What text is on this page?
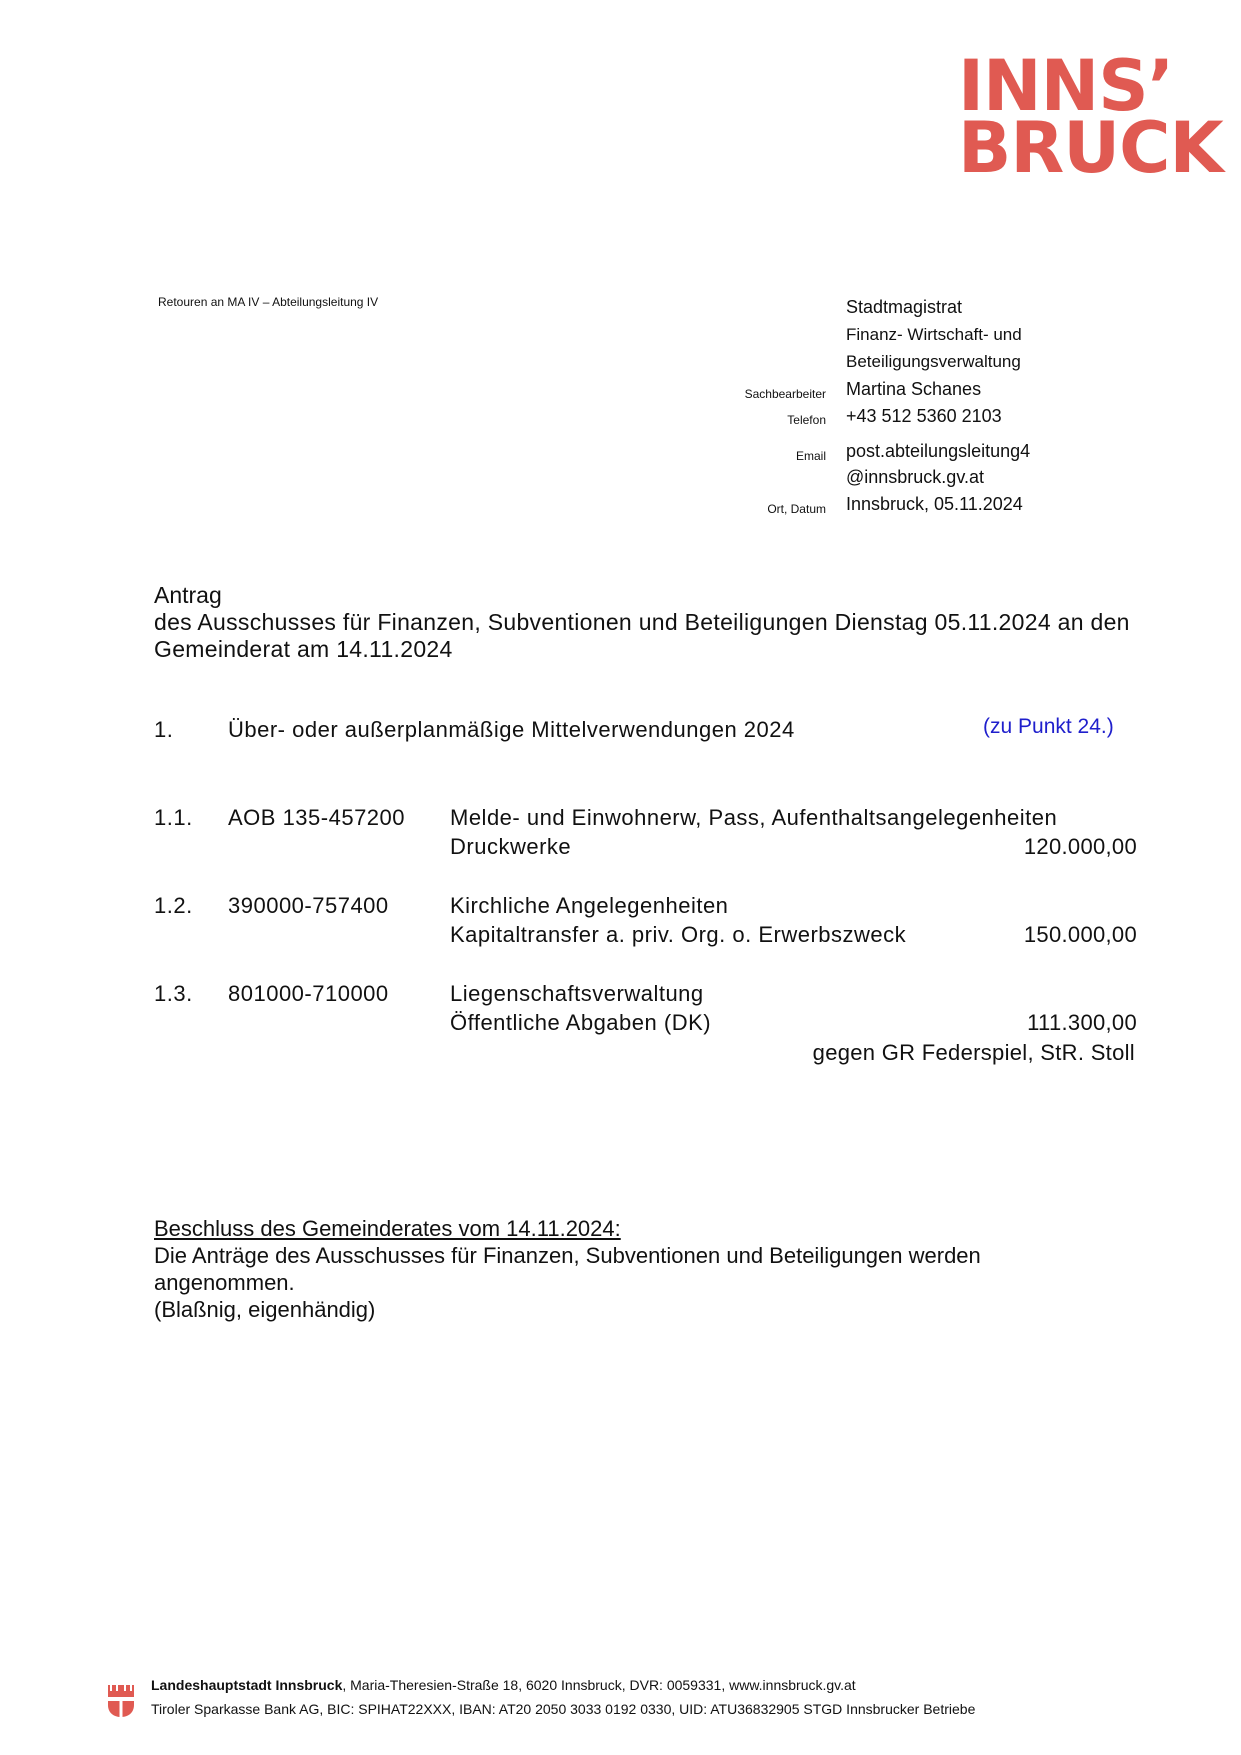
INNS’
BRUCK
Retouren an MA IV – Abteilungsleitung IV	Stadtmagistrat
Finanz- Wirtschaft- und
Beteiligungsverwaltung
Sachbearbeiter Martina Schanes
Telefon +43 512 5360 2103
Email post.abteilungsleitung4
@innsbruck.gv.at
Ort, Datum Innsbruck, 05.11.2024
Antrag
des Ausschusses für Finanzen, Subventionen und Beteiligungen Dienstag 05.11.2024 an den Gemeinderat am 14.11.2024
1. Über- oder außerplanmäßige Mittelverwendungen 2024	(zu Punkt 24.)
1.1. AOB 135-457200 Melde- und Einwohnerw, Pass, Aufenthaltsangelegenheiten
Druckwerke	120.000,00
1.2. 390000-757400	Kirchliche Angelegenheiten
Kapitaltransfer a. priv. Org. o. Erwerbszweck	150.000,00
1.3. 801000-710000	Liegenschaftsverwaltung
Öffentliche Abgaben (DK)	111.300,00
gegen GR Federspiel, StR. Stoll
Beschluss des Gemeinderates vom 14.11.2024:
Die Anträge des Ausschusses für Finanzen, Subventionen und Beteiligungen werden angenommen.
(Blaßnig, eigenhändig)
Landeshauptstadt Innsbruck, Maria-Theresien-Straße 18, 6020 Innsbruck, DVR: 0059331, www.innsbruck.gv.at
Tiroler Sparkasse Bank AG, BIC: SPIHAT22XXX, IBAN: AT20 2050 3033 0192 0330, UID: ATU36832905 STGD Innsbrucker Betriebe
